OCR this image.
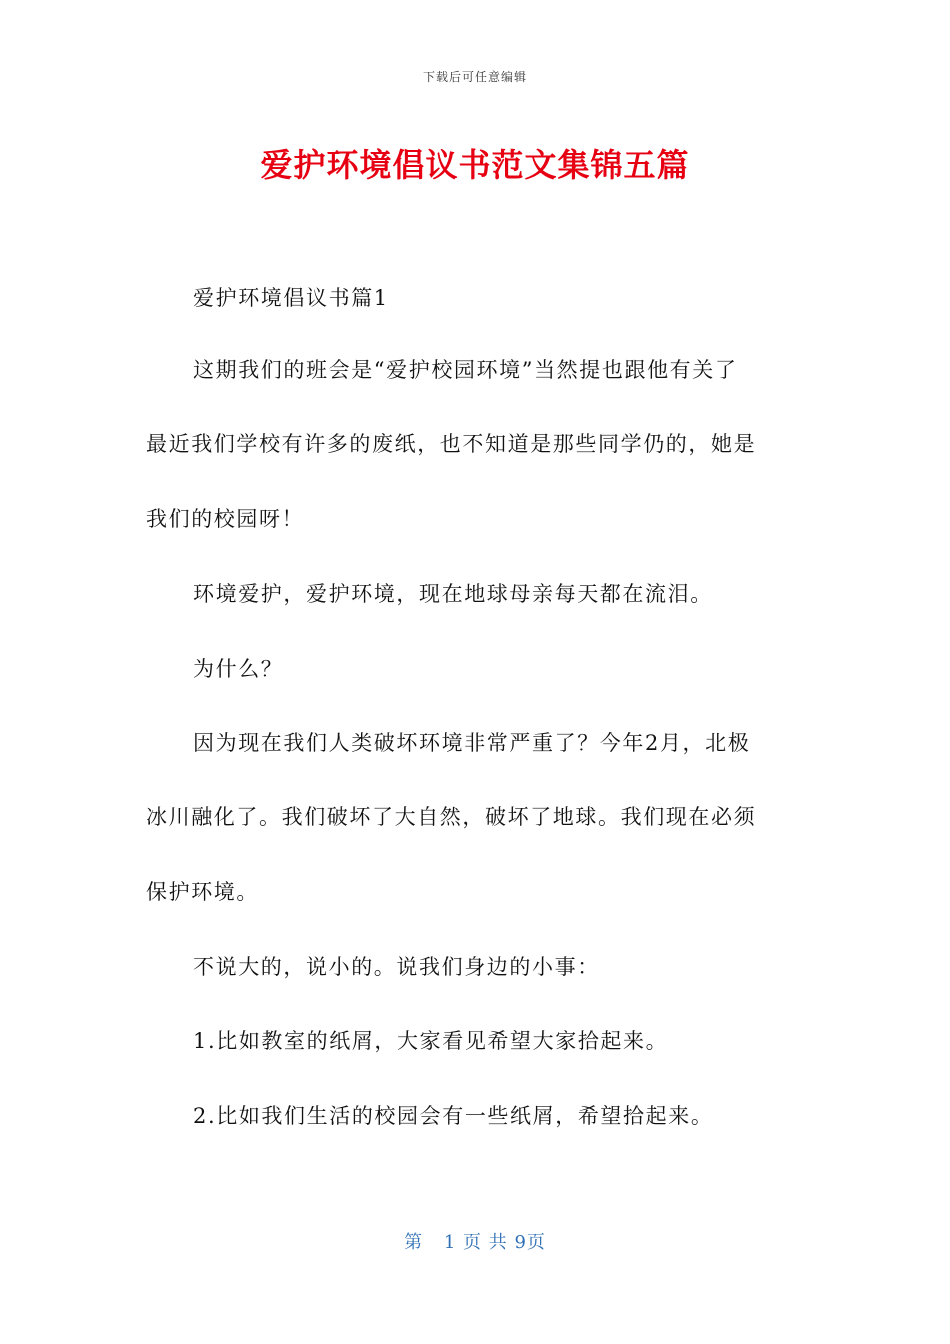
下载后可任意编辑
爱护环境倡议书范文集锦五篇

爱护环境倡议书篇1

这期我们的班会是“爱护校园环境”当然提也跟他有关了

最近我们学校有许多的废纸，也不知道是那些同学仍的，她是

我们的校园呀！

环境爱护，爱护环境，现在地球母亲每天都在流泪。

为什么？

因为现在我们人类破坏环境非常严重了？今年2月，北极

冰川融化了。我们破坏了大自然，破坏了地球。我们现在必须

保护环境。

不说大的，说小的。说我们身边的小事：

1.比如教室的纸屑，大家看见希望大家拾起来。

2.比如我们生活的校园会有一些纸屑，希望拾起来。

第 1 页 共 9页
